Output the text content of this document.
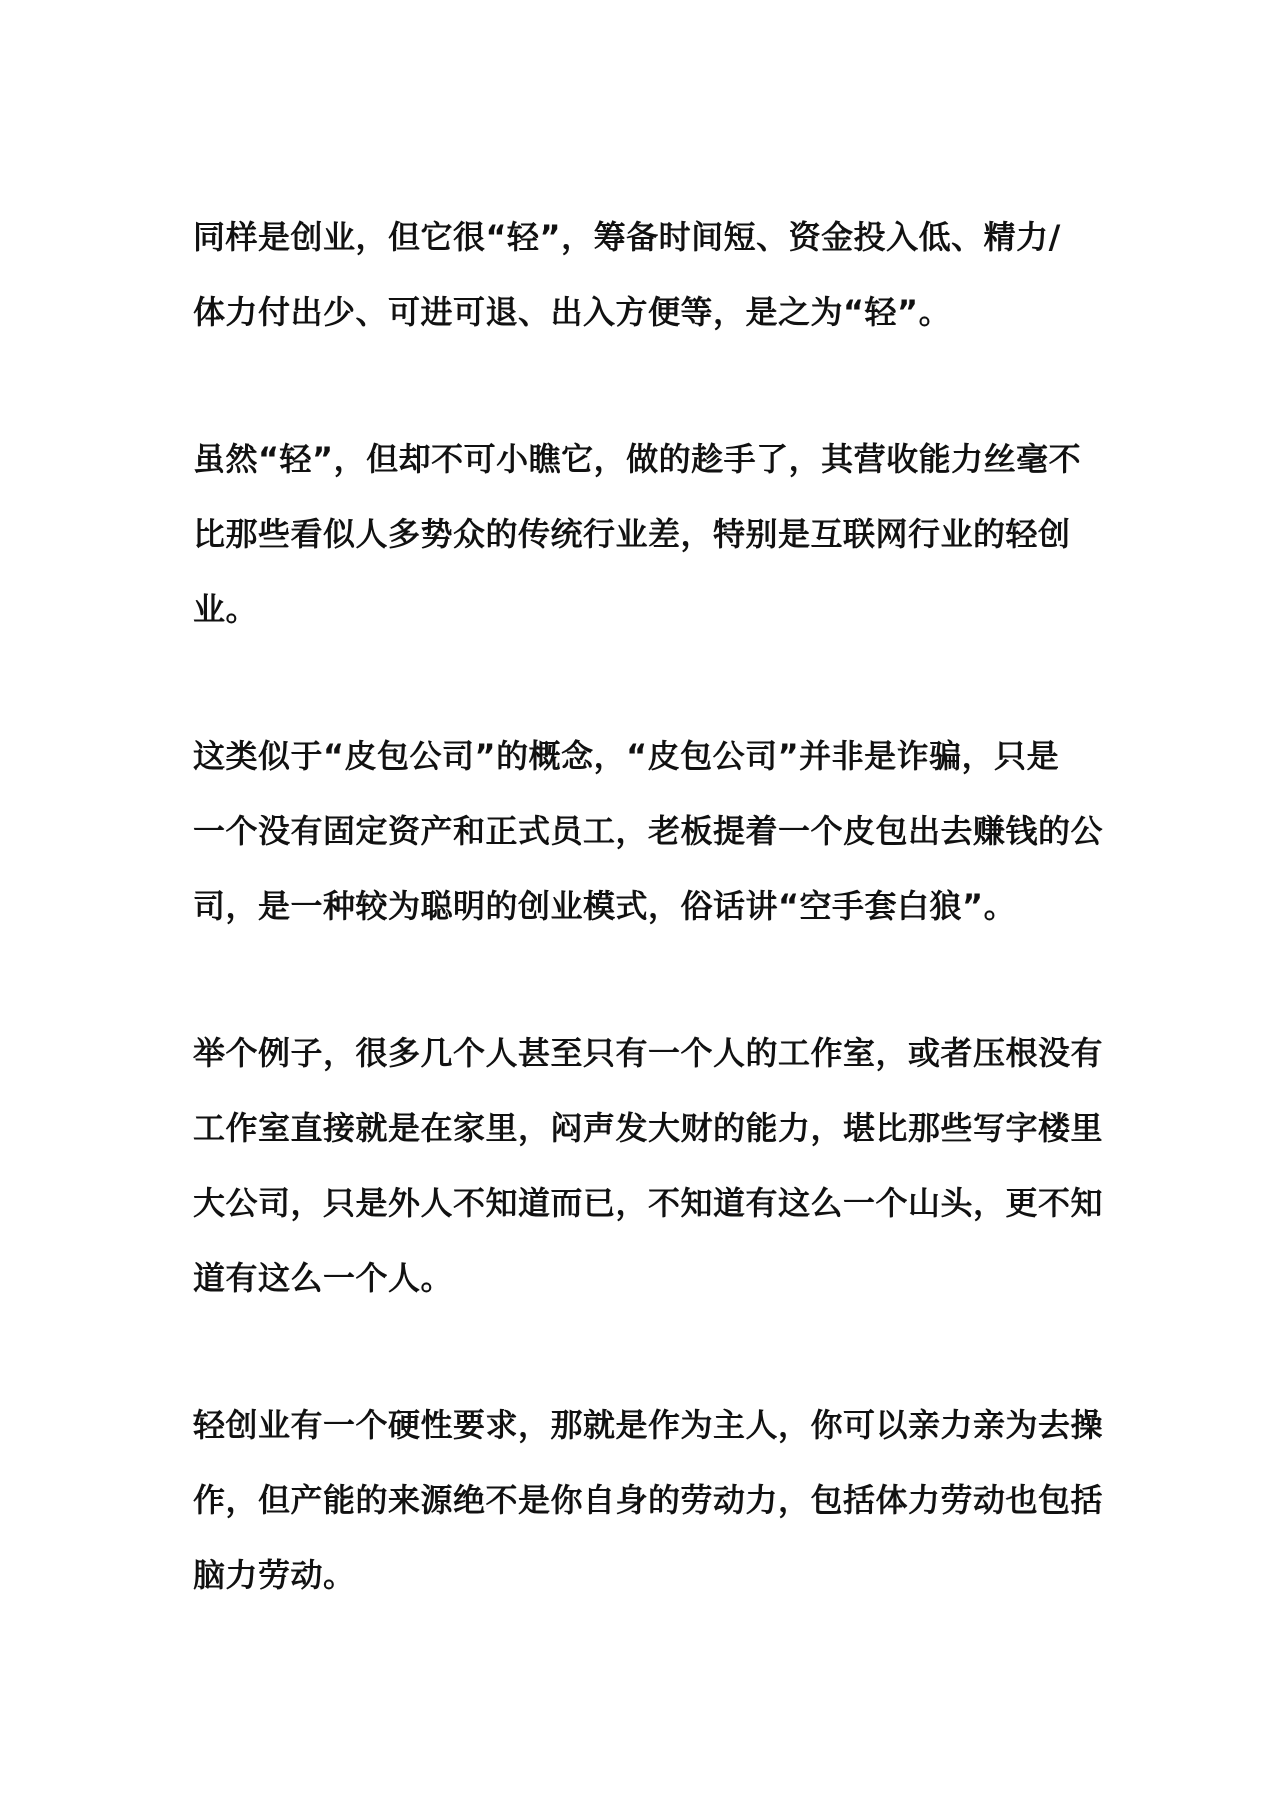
同样是创业，但它很“轻”，筹备时间短、资金投入低、精力/
体力付出少、可进可退、出入方便等，是之为“轻”。

虽然“轻”，但却不可小瞧它，做的趁手了，其营收能力丝毫不
比那些看似人多势众的传统行业差，特别是互联网行业的轻创
业。

这类似于“皮包公司”的概念，“皮包公司”并非是诈骗，只是
一个没有固定资产和正式员工，老板提着一个皮包出去赚钱的公
司，是一种较为聪明的创业模式，俗话讲“空手套白狼”。

举个例子，很多几个人甚至只有一个人的工作室，或者压根没有
工作室直接就是在家里，闷声发大财的能力，堪比那些写字楼里
大公司，只是外人不知道而已，不知道有这么一个山头，更不知
道有这么一个人。

轻创业有一个硬性要求，那就是作为主人，你可以亲力亲为去操
作，但产能的来源绝不是你自身的劳动力，包括体力劳动也包括
脑力劳动。
